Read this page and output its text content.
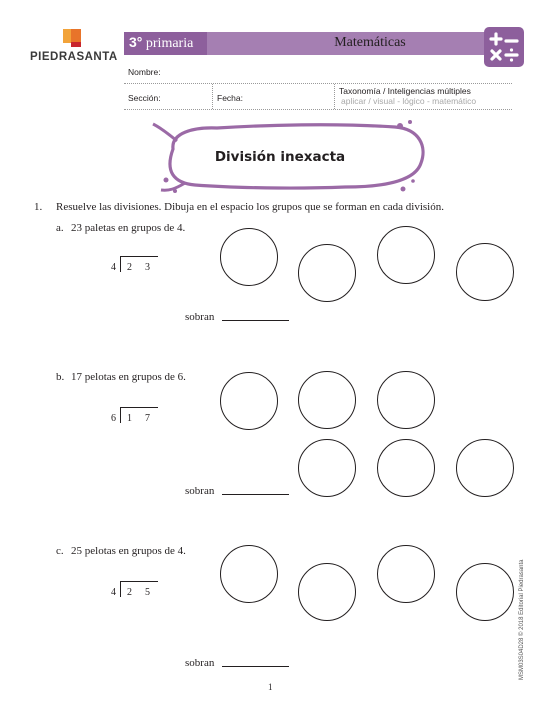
PIEDRASANTA
3° primaria	Matemáticas
Nombre:
Sección:	Fecha:
Taxonomía / Inteligencias múltiples
aplicar / visual - lógico - matemático
División inexacta
1. Resuelve las divisiones. Dibuja en el espacio los grupos que se forman en cada división.
a. 23 paletas en grupos de 4.
4 2 3
sobran
b. 17 pelotas en grupos de 6.
6 1 7
sobran
c. 25 pelotas en grupos de 4.
4 2 5
sobran
1
MSM03S04D28 © 2018 Editorial Piedrasanta
